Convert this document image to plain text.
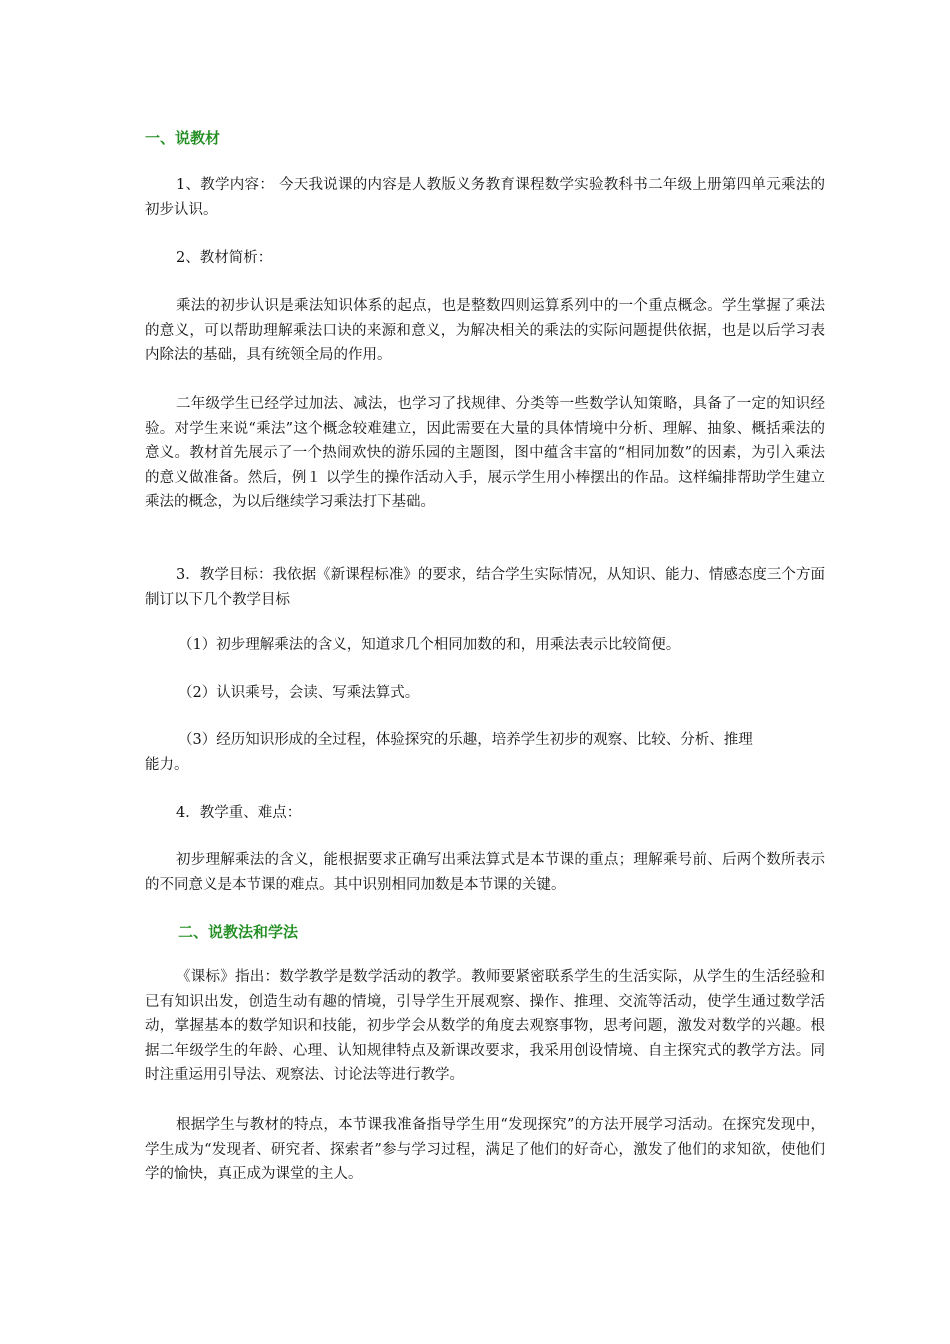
一、说教材
1、教学内容： 今天我说课的内容是人教版义务教育课程数学实验教科书二年级上册第四单元乘法的初步认识。
2、教材简析：
乘法的初步认识是乘法知识体系的起点，也是整数四则运算系列中的一个重点概念。学生掌握了乘法的意义，可以帮助理解乘法口诀的来源和意义，为解决相关的乘法的实际问题提供依据，也是以后学习表内除法的基础，具有统领全局的作用。
二年级学生已经学过加法、减法，也学习了找规律、分类等一些数学认知策略，具备了一定的知识经验。对学生来说“乘法”这个概念较难建立，因此需要在大量的具体情境中分析、理解、抽象、概括乘法的意义。教材首先展示了一个热闹欢快的游乐园的主题图，图中蕴含丰富的“相同加数”的因素，为引入乘法的意义做准备。然后，例１ 以学生的操作活动入手，展示学生用小棒摆出的作品。这样编排帮助学生建立乘法的概念，为以后继续学习乘法打下基础。
3．教学目标：我依据《新课程标准》的要求，结合学生实际情况，从知识、能力、情感态度三个方面制订以下几个教学目标
（1）初步理解乘法的含义，知道求几个相同加数的和，用乘法表示比较简便。
（2）认识乘号，会读、写乘法算式。
（3）经历知识形成的全过程，体验探究的乐趣，培养学生初步的观察、比较、分析、推理
能力。
4．教学重、难点：
初步理解乘法的含义，能根据要求正确写出乘法算式是本节课的重点；理解乘号前、后两个数所表示的不同意义是本节课的难点。其中识别相同加数是本节课的关键。
二、说教法和学法
《课标》指出：数学教学是数学活动的教学。教师要紧密联系学生的生活实际，从学生的生活经验和已有知识出发，创造生动有趣的情境，引导学生开展观察、操作、推理、交流等活动，使学生通过数学活动，掌握基本的数学知识和技能，初步学会从数学的角度去观察事物，思考问题，激发对数学的兴趣。根据二年级学生的年龄、心理、认知规律特点及新课改要求，我采用创设情境、自主探究式的教学方法。同时注重运用引导法、观察法、讨论法等进行教学。
根据学生与教材的特点，本节课我准备指导学生用“发现探究”的方法开展学习活动。在探究发现中，学生成为“发现者、研究者、探索者”参与学习过程，满足了他们的好奇心，激发了他们的求知欲，使他们学的愉快，真正成为课堂的主人。
